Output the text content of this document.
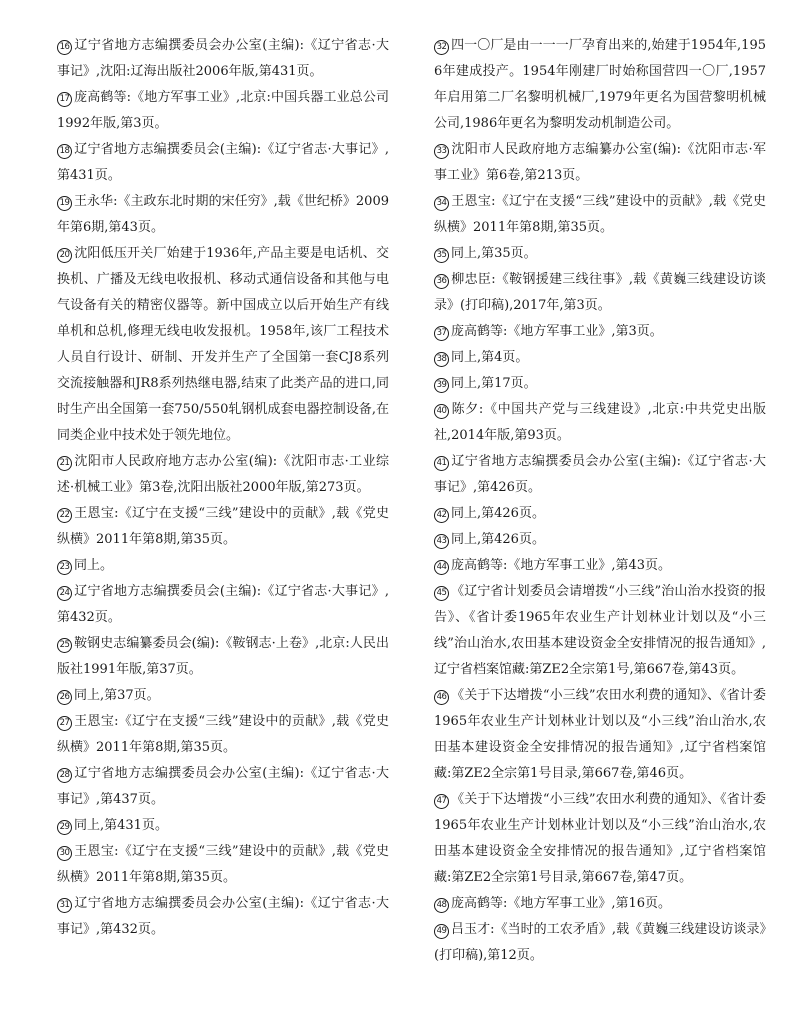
16 辽宁省地方志编撰委员会办公室(主编):《辽宁省志·大事记》,沈阳:辽海出版社2006年版,第431页。

17 庞高鹤等:《地方军事工业》,北京:中国兵器工业总公司1992年版,第3页。

18 辽宁省地方志编撰委员会(主编):《辽宁省志·大事记》,第431页。

19 王永华:《主政东北时期的宋任穷》,载《世纪桥》2009年第6期,第43页。

20 沈阳低压开关厂始建于1936年,产品主要是电话机、交换机、广播及无线电收报机、移动式通信设备和其他与电气设备有关的精密仪器等。新中国成立以后开始生产有线单机和总机,修理无线电收发报机。1958年,该厂工程技术人员自行设计、研制、开发并生产了全国第一套CJ8系列交流接触器和JR8系列热继电器,结束了此类产品的进口,同时生产出全国第一套750/550轧钢机成套电器控制设备,在同类企业中技术处于领先地位。

21 沈阳市人民政府地方志办公室(编):《沈阳市志·工业综述·机械工业》第3卷,沈阳出版社2000年版,第273页。

22 王恩宝:《辽宁在支援“三线”建设中的贡献》,载《党史纵横》2011年第8期,第35页。

23 同上。

24 辽宁省地方志编撰委员会(主编):《辽宁省志·大事记》,第432页。

25 鞍钢史志编纂委员会(编):《鞍钢志·上卷》,北京:人民出版社1991年版,第37页。

26 同上,第37页。

27 王恩宝:《辽宁在支援“三线”建设中的贡献》,载《党史纵横》2011年第8期,第35页。

28 辽宁省地方志编撰委员会办公室(主编):《辽宁省志·大事记》,第437页。

29 同上,第431页。

30 王恩宝:《辽宁在支援“三线”建设中的贡献》,载《党史纵横》2011年第8期,第35页。

31 辽宁省地方志编撰委员会办公室(主编):《辽宁省志·大事记》,第432页。

32 四一〇厂是由一一一厂孕育出来的,始建于1954年,1956年建成投产。1954年刚建厂时始称国营四一〇厂,1957年启用第二厂名黎明机械厂,1979年更名为国营黎明机械公司,1986年更名为黎明发动机制造公司。

33 沈阳市人民政府地方志编纂办公室(编):《沈阳市志·军事工业》第6卷,第213页。

34 王恩宝:《辽宁在支援“三线”建设中的贡献》,载《党史纵横》2011年第8期,第35页。

35 同上,第35页。

36 柳忠臣:《鞍钢援建三线往事》,载《黄巍三线建设访谈录》(打印稿),2017年,第3页。

37 庞高鹤等:《地方军事工业》,第3页。

38 同上,第4页。

39 同上,第17页。

40 陈夕:《中国共产党与三线建设》,北京:中共党史出版社,2014年版,第93页。

41 辽宁省地方志编撰委员会办公室(主编):《辽宁省志·大事记》,第426页。

42 同上,第426页。

43 同上,第426页。

44 庞高鹤等:《地方军事工业》,第43页。

45 《辽宁省计划委员会请增拨“小三线”治山治水投资的报告》、《省计委1965年农业生产计划林业计划以及“小三线”治山治水,农田基本建设资金全安排情况的报告通知》,辽宁省档案馆藏:第ZE2全宗第1号,第667卷,第43页。

46 《关于下达增拨“小三线”农田水利费的通知》、《省计委1965年农业生产计划林业计划以及“小三线”治山治水,农田基本建设资金全安排情况的报告通知》,辽宁省档案馆藏:第ZE2全宗第1号目录,第667卷,第46页。

47 《关于下达增拨“小三线”农田水利费的通知》、《省计委1965年农业生产计划林业计划以及“小三线”治山治水,农田基本建设资金全安排情况的报告通知》,辽宁省档案馆藏:第ZE2全宗第1号目录,第667卷,第47页。

48 庞高鹤等:《地方军事工业》,第16页。

49 吕玉才:《当时的工农矛盾》,载《黄巍三线建设访谈录》(打印稿),第12页。
